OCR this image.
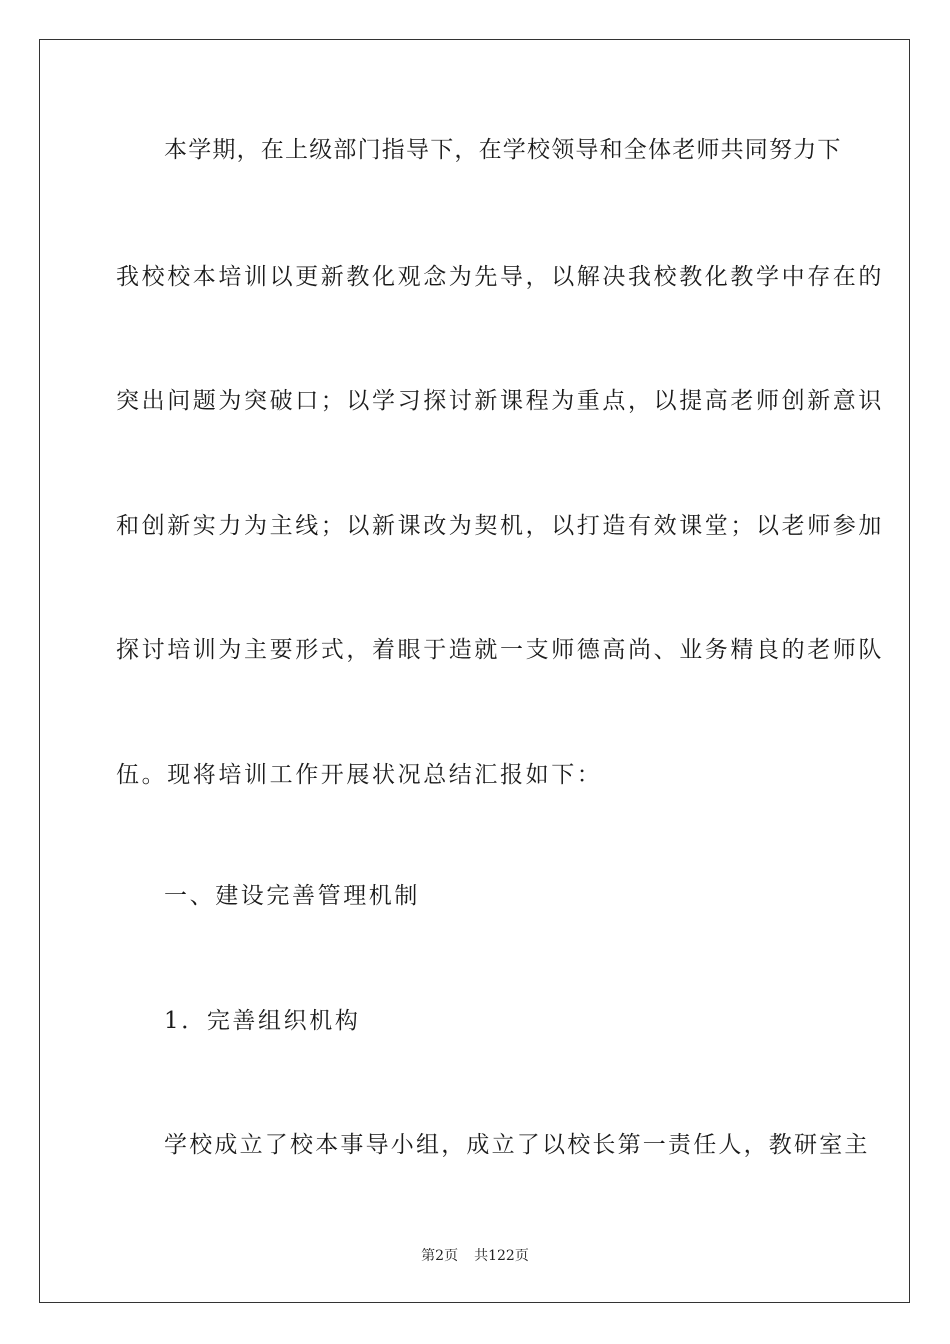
本学期，在上级部门指导下，在学校领导和全体老师共同努力下
我校校本培训以更新教化观念为先导，以解决我校教化教学中存在的
突出问题为突破口；以学习探讨新课程为重点，以提高老师创新意识
和创新实力为主线；以新课改为契机，以打造有效课堂；以老师参加
探讨培训为主要形式，着眼于造就一支师德高尚、业务精良的老师队
伍。现将培训工作开展状况总结汇报如下：
一、建设完善管理机制
1．完善组织机构
学校成立了校本事导小组，成立了以校长第一责任人，教研室主
第2页 共122页
